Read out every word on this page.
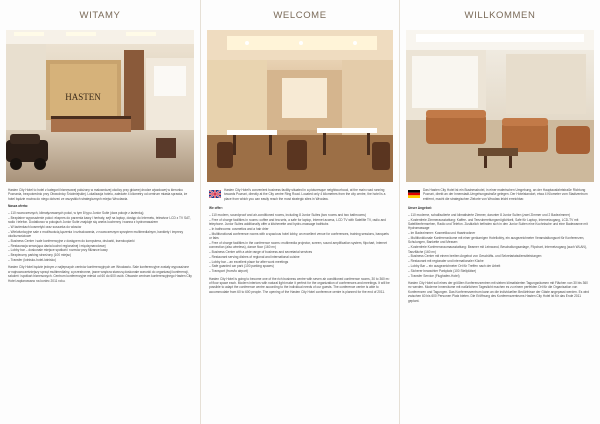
WITAMY
HASTEN

Hasten City Hotel to hotel z kategorii biznesowej położony w malowniczej okolicy przy głównej drodze wjazdowej w kierunku Poznania, bezpośrednio przy Obwodnicy Śródmiejskiej. Lokalizacja hotelu, zaledwie 4 kilometry od centrum miasta sprawia, że hotel będzie można do niego dotrzeć ze wszystkich strategicznych miejsc Wrocławia.

Nasza oferta:

– 110 nowoczesnych, klimatyzowanych pokoi, w tym 8 typu Junior Suite (dwa pokoje z łazienką)
– Bezpłatne wyposażenie pokoi: ekspres do parzenia kawy i herbaty, sejf na laptop, dostęp do Internetu, telewizor LCD z TV SAT, radio i telefon. Dodatkowo w pokojach Junior Suite znajduje się aneks kuchenny i wanna z hydromasażem
– W łazienkach kosmetyki oraz suszarka do włosów
– Wielofunkcyjne sale z możliwością łączenia i rozbudowania, z nowoczesnym sprzętem multimedialnym, bankiety i imprezy okolicznościowe
– Business Center i sale konferencyjne z dostępem do komputera, drukarki, kserokopiarki
– Restauracja serwująca dania kuchni regionalnej i międzynarodowej
– Lobby bar – doskonałe miejsce spotkań i rozmów przy filiżance kawy
– Bezpieczny parking strzeżony (100 miejsc)
– Transfer (lotnisko-hotel-lotnisko)

Hasten City Hotel będzie jednym z najlepszych centrów konferencyjnych we Wrocławiu. Sale konferencyjne zostały wyposażone w najnowocześniejszy sprzęt multimedialny, a przestronne, jasne wnętrza stworzą doskonałe warunki do organizacji konferencji, szkoleń i spotkań biznesowych. Centrum konferencyjne mieści od 60 do 600 osób. Otwarcie centrum konferencyjnego Hasten City Hotel zaplanowano na koniec 2011 roku.

WELCOME

Hasten City Hotel's convenient business facility situated in a picturesque neighbourhood, at the main road running towards Poznań, directly at the City centre Ring Road. Located only 4 kilometres from the city centre, the hotel is a place from which you can easily reach the most strategic sites in Wrocław.

We offer:

– 110 modern, soundproof and air-conditioned rooms, including 8 Junior Suites (two rooms and two bathrooms)
– Free of charge facilities in rooms: coffee and tea sets, a safe for laptop, Internet access, LCD TV with Satellite TV, radio and telephone. Junior Suites additionally offer a kitchenette and hydro-massage bathtubs
– In bathrooms: cosmetics and a hair drier
– Multifunctional conference rooms with a spacious hotel lobby, an excellent venue for conferences, training sessions, banquets or fairs
– Free of charge facilities in the conference rooms: multimedia projector, screen, sound amplification system, flipchart, Internet connection (also wireless), dance floor (160 m²)
– Business Center with a wide range of business and secretarial services
– Restaurant serving dishes of regional and international cuisine
– Lobby bar – an excellent place for after work meetings
– Safe guarded car park (100 parking spaces)
– Transport (from/to airport)

Hasten City Hotel is going to become one of the rich business centre with seven air conditioned conference rooms, 30 to 360 m² of floor space each. Modern interiors with natural light make it perfect for the organization of conferences and meetings. It will be possible to adapt the conference centre according to the individual needs of our guests. The conference centre is able to accommodate from 60 to 600 people. The opening of the Hasten City Hotel conference centre is planned for the end of 2011.

WILLKOMMEN

Das Hasten City Hotel ist ein Businesshotel, in einer malerischen Umgebung, an der Hauptausfahrtstraße Richtung Poznań, direkt an der Innenstadt-Umgehungsstraße gelegen. Der Hotelstandort, etwa 4 Kilometer vom Stadtzentrum entfernt, macht die strategischen Zielorte von Wrocław leicht erreichbar.

Unser Angebot:

– 110 moderne, schallisolierte und klimatisierte Zimmer, darunter 8 Junior Suiten (zwei Zimmer und 2 Badezimmer)
– Kostenfreie Zimmerausstattung: Kaffee- und Teezubereitungsmöglichkeit, Safe für Laptop, Internetzugang, LCD-TV mit Satellitenfernsehen, Radio und Telefon. Zusätzlich befinden sich in den Junior Suiten eine Kochnische und eine Badewanne mit Hydromassage
– Im Badezimmer: Kosmetika und Haartrockner
– Multifunktionale Konferenzräume mit einer geräumigen Hotellobby, ein ausgezeichneter Veranstaltungsort für Konferenzen, Schulungen, Bankette und Messen
– Kostenfreie Konferenzraumausstattung: Beamer mit Leinwand, Beschallungsanlage, Flipchart, Internetzugang (auch WLAN), Tanzfläche (160 m²)
– Business Center mit einem breiten Angebot von Geschäfts- und Sekretariatsdienstleistungen
– Restaurant mit regionaler und internationaler Küche
– Lobby Bar – ein ausgezeichneter Ort für Treffen nach der Arbeit
– Sicherer bewachter Parkplatz (100 Stellplätze)
– Transfer Service (Flughafen-Hotel)

Hasten City Hotel soll eines der größten Konferenzzentren mit sieben klimatisierten Tagungsräumen mit Flächen von 30 bis 360 m² werden. Moderne Innenräume mit natürlichem Tageslicht machen es zu einem perfekten Ort für die Organisation von Konferenzen und Tagungen. Das Konferenzzentrum kann an die individuellen Bedürfnisse der Gäste angepasst werden. Es wird zwischen 60 bis 600 Personen Platz bieten. Die Eröffnung des Konferenzzentrums Hasten City Hotel ist für das Ende 2011 geplant.
